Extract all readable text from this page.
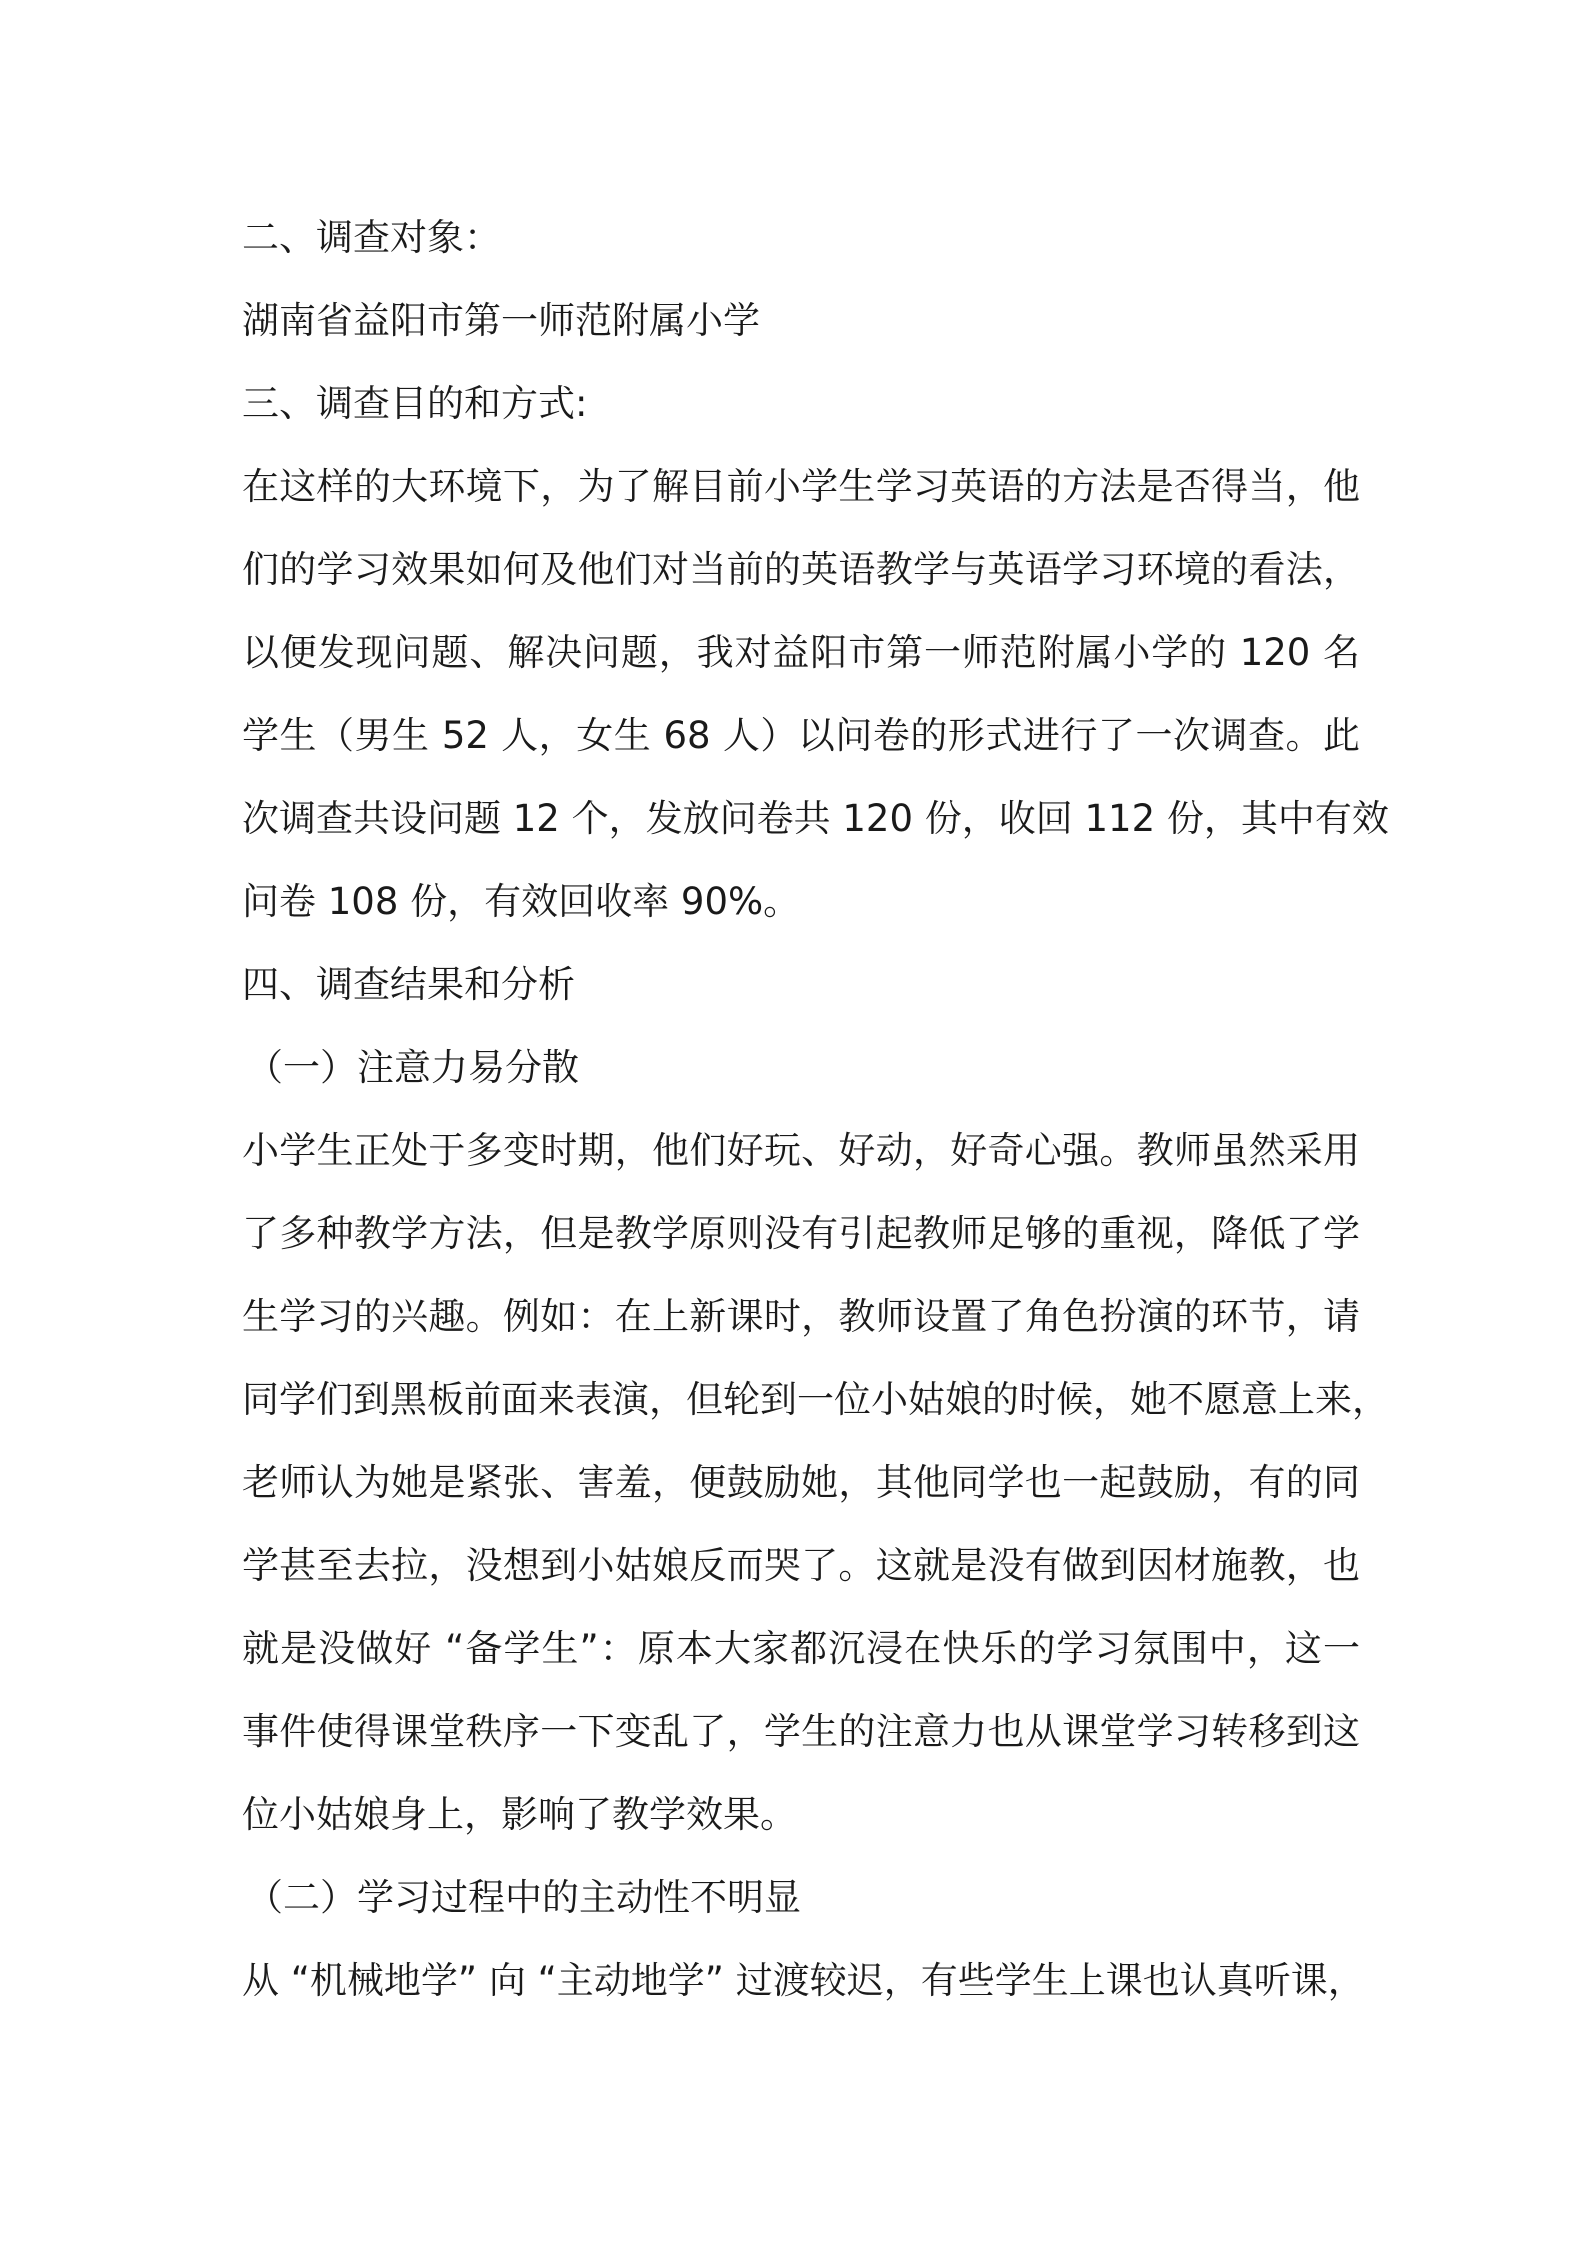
二、调查对象：
湖南省益阳市第一师范附属小学
三、调查目的和方式:
在这样的大环境下，为了解目前小学生学习英语的方法是否得当，他
们的学习效果如何及他们对当前的英语教学与英语学习环境的看法，
以便发现问题、解决问题，我对益阳市第一师范附属小学的 120 名
学生（男生 52 人，女生 68 人）以问卷的形式进行了一次调查。此
次调查共设问题 12 个，发放问卷共 120 份，收回 112 份，其中有效
问卷 108 份，有效回收率 90%。
四、调查结果和分析
（一）注意力易分散
小学生正处于多变时期，他们好玩、好动，好奇心强。教师虽然采用
了多种教学方法，但是教学原则没有引起教师足够的重视，降低了学
生学习的兴趣。例如：在上新课时，教师设置了角色扮演的环节，请
同学们到黑板前面来表演，但轮到一位小姑娘的时候，她不愿意上来，
老师认为她是紧张、害羞，便鼓励她，其他同学也一起鼓励，有的同
学甚至去拉，没想到小姑娘反而哭了。这就是没有做到因材施教，也
就是没做好 “备学生”：原本大家都沉浸在快乐的学习氛围中，这一
事件使得课堂秩序一下变乱了，学生的注意力也从课堂学习转移到这
位小姑娘身上，影响了教学效果。
（二）学习过程中的主动性不明显
从 “机械地学” 向 “主动地学” 过渡较迟，有些学生上课也认真听课，
